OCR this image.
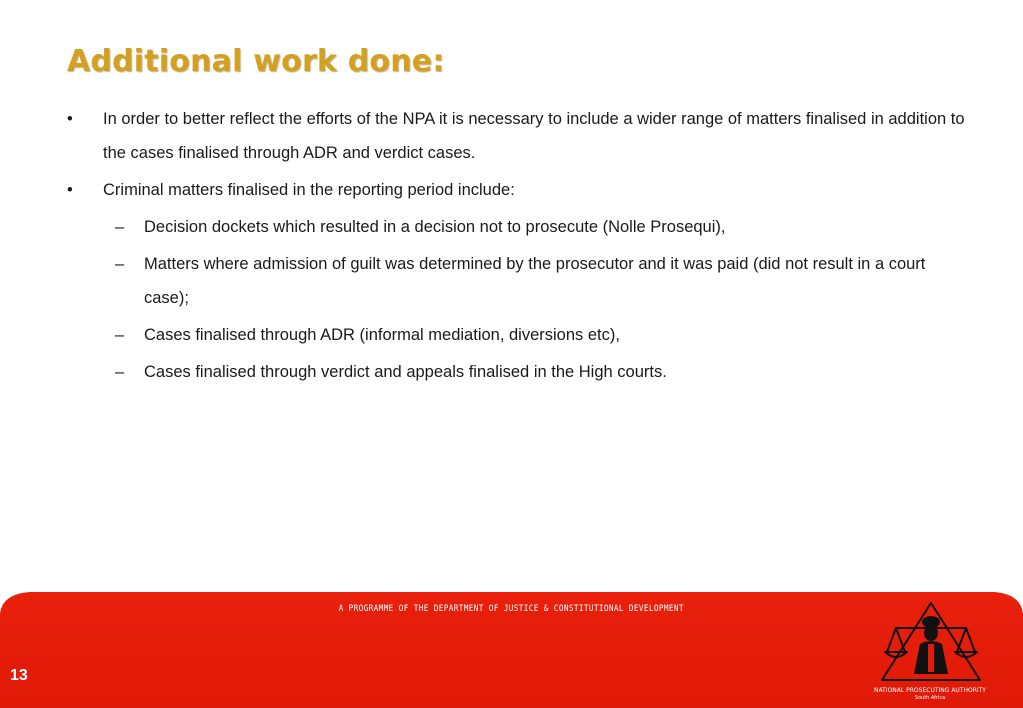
Additional work done:
• In order to better reflect the efforts of the NPA it is necessary to include a wider range of matters finalised in addition to the cases finalised through ADR and verdict cases.
• Criminal matters finalised in the reporting period include:
– Decision dockets which resulted in a decision not to prosecute (Nolle Prosequi),
– Matters where admission of guilt was determined by the prosecutor and it was paid (did not result in a court case);
– Cases finalised through ADR (informal mediation, diversions etc),
– Cases finalised through verdict and appeals finalised in the High courts.
A PROGRAMME OF THE DEPARTMENT OF JUSTICE & CONSTITUTIONAL DEVELOPMENT
13
NATIONAL PROSECUTING AUTHORITY
South Africa
